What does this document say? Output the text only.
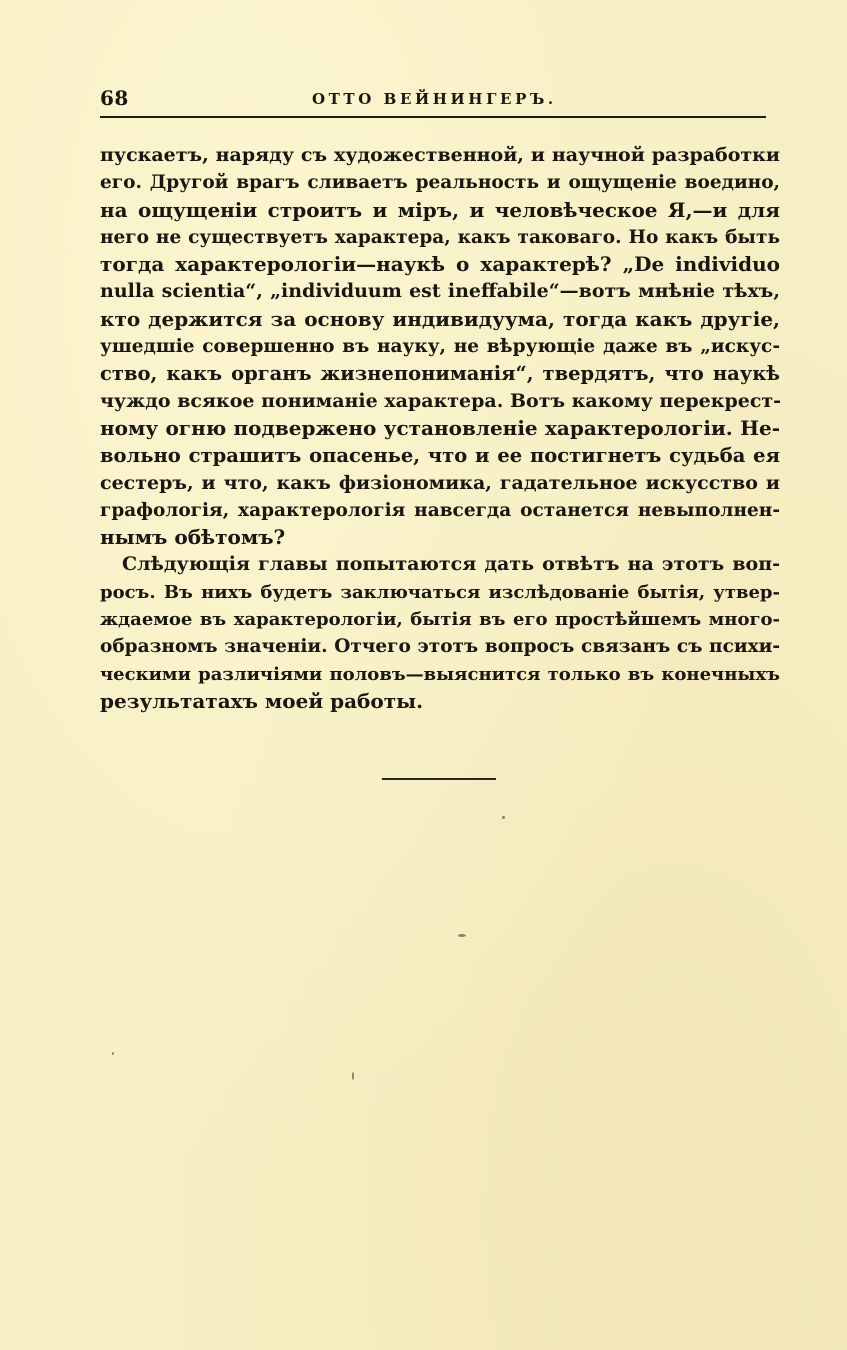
68	ОТТО ВЕЙНИНГЕРЪ.

пускаетъ, наряду съ художественной, и научной разработки
его. Другой врагъ сливаетъ реальность и ощущенiе воедино,
на ощущенiи строитъ и мiръ, и человѣческое Я,—и для
него не существуетъ характера, какъ таковаго. Но какъ быть
тогда характерологiи—наукѣ о характерѣ? „De individuo
nulla scientia“, „individuum est ineffabile“—вотъ мнѣнiе тѣхъ,
кто держится за основу индивидуума, тогда какъ другiе,
ушедшiе совершенно въ науку, не вѣрующiе даже въ „искус-
ство, какъ органъ жизнепониманiя“, твердятъ, что наукѣ
чуждо всякое пониманiе характера. Вотъ какому перекрест-
ному огню подвержено установленiе характерологiи. Не-
вольно страшитъ опасенье, что и ее постигнетъ судьба ея
сестеръ, и что, какъ физiономика, гадательное искусство и
графологiя, характерологiя навсегда останется невыполнен-
нымъ обѣтомъ?

Слѣдующiя главы попытаются дать отвѣтъ на этотъ воп-
росъ. Въ нихъ будетъ заключаться изслѣдованiе бытiя, утвер-
ждаемое въ характерологiи, бытiя въ его простѣйшемъ много-
образномъ значенiи. Отчего этотъ вопросъ связанъ съ психи-
ческими различiями половъ—выяснится только въ конечныхъ
результатахъ моей работы.
